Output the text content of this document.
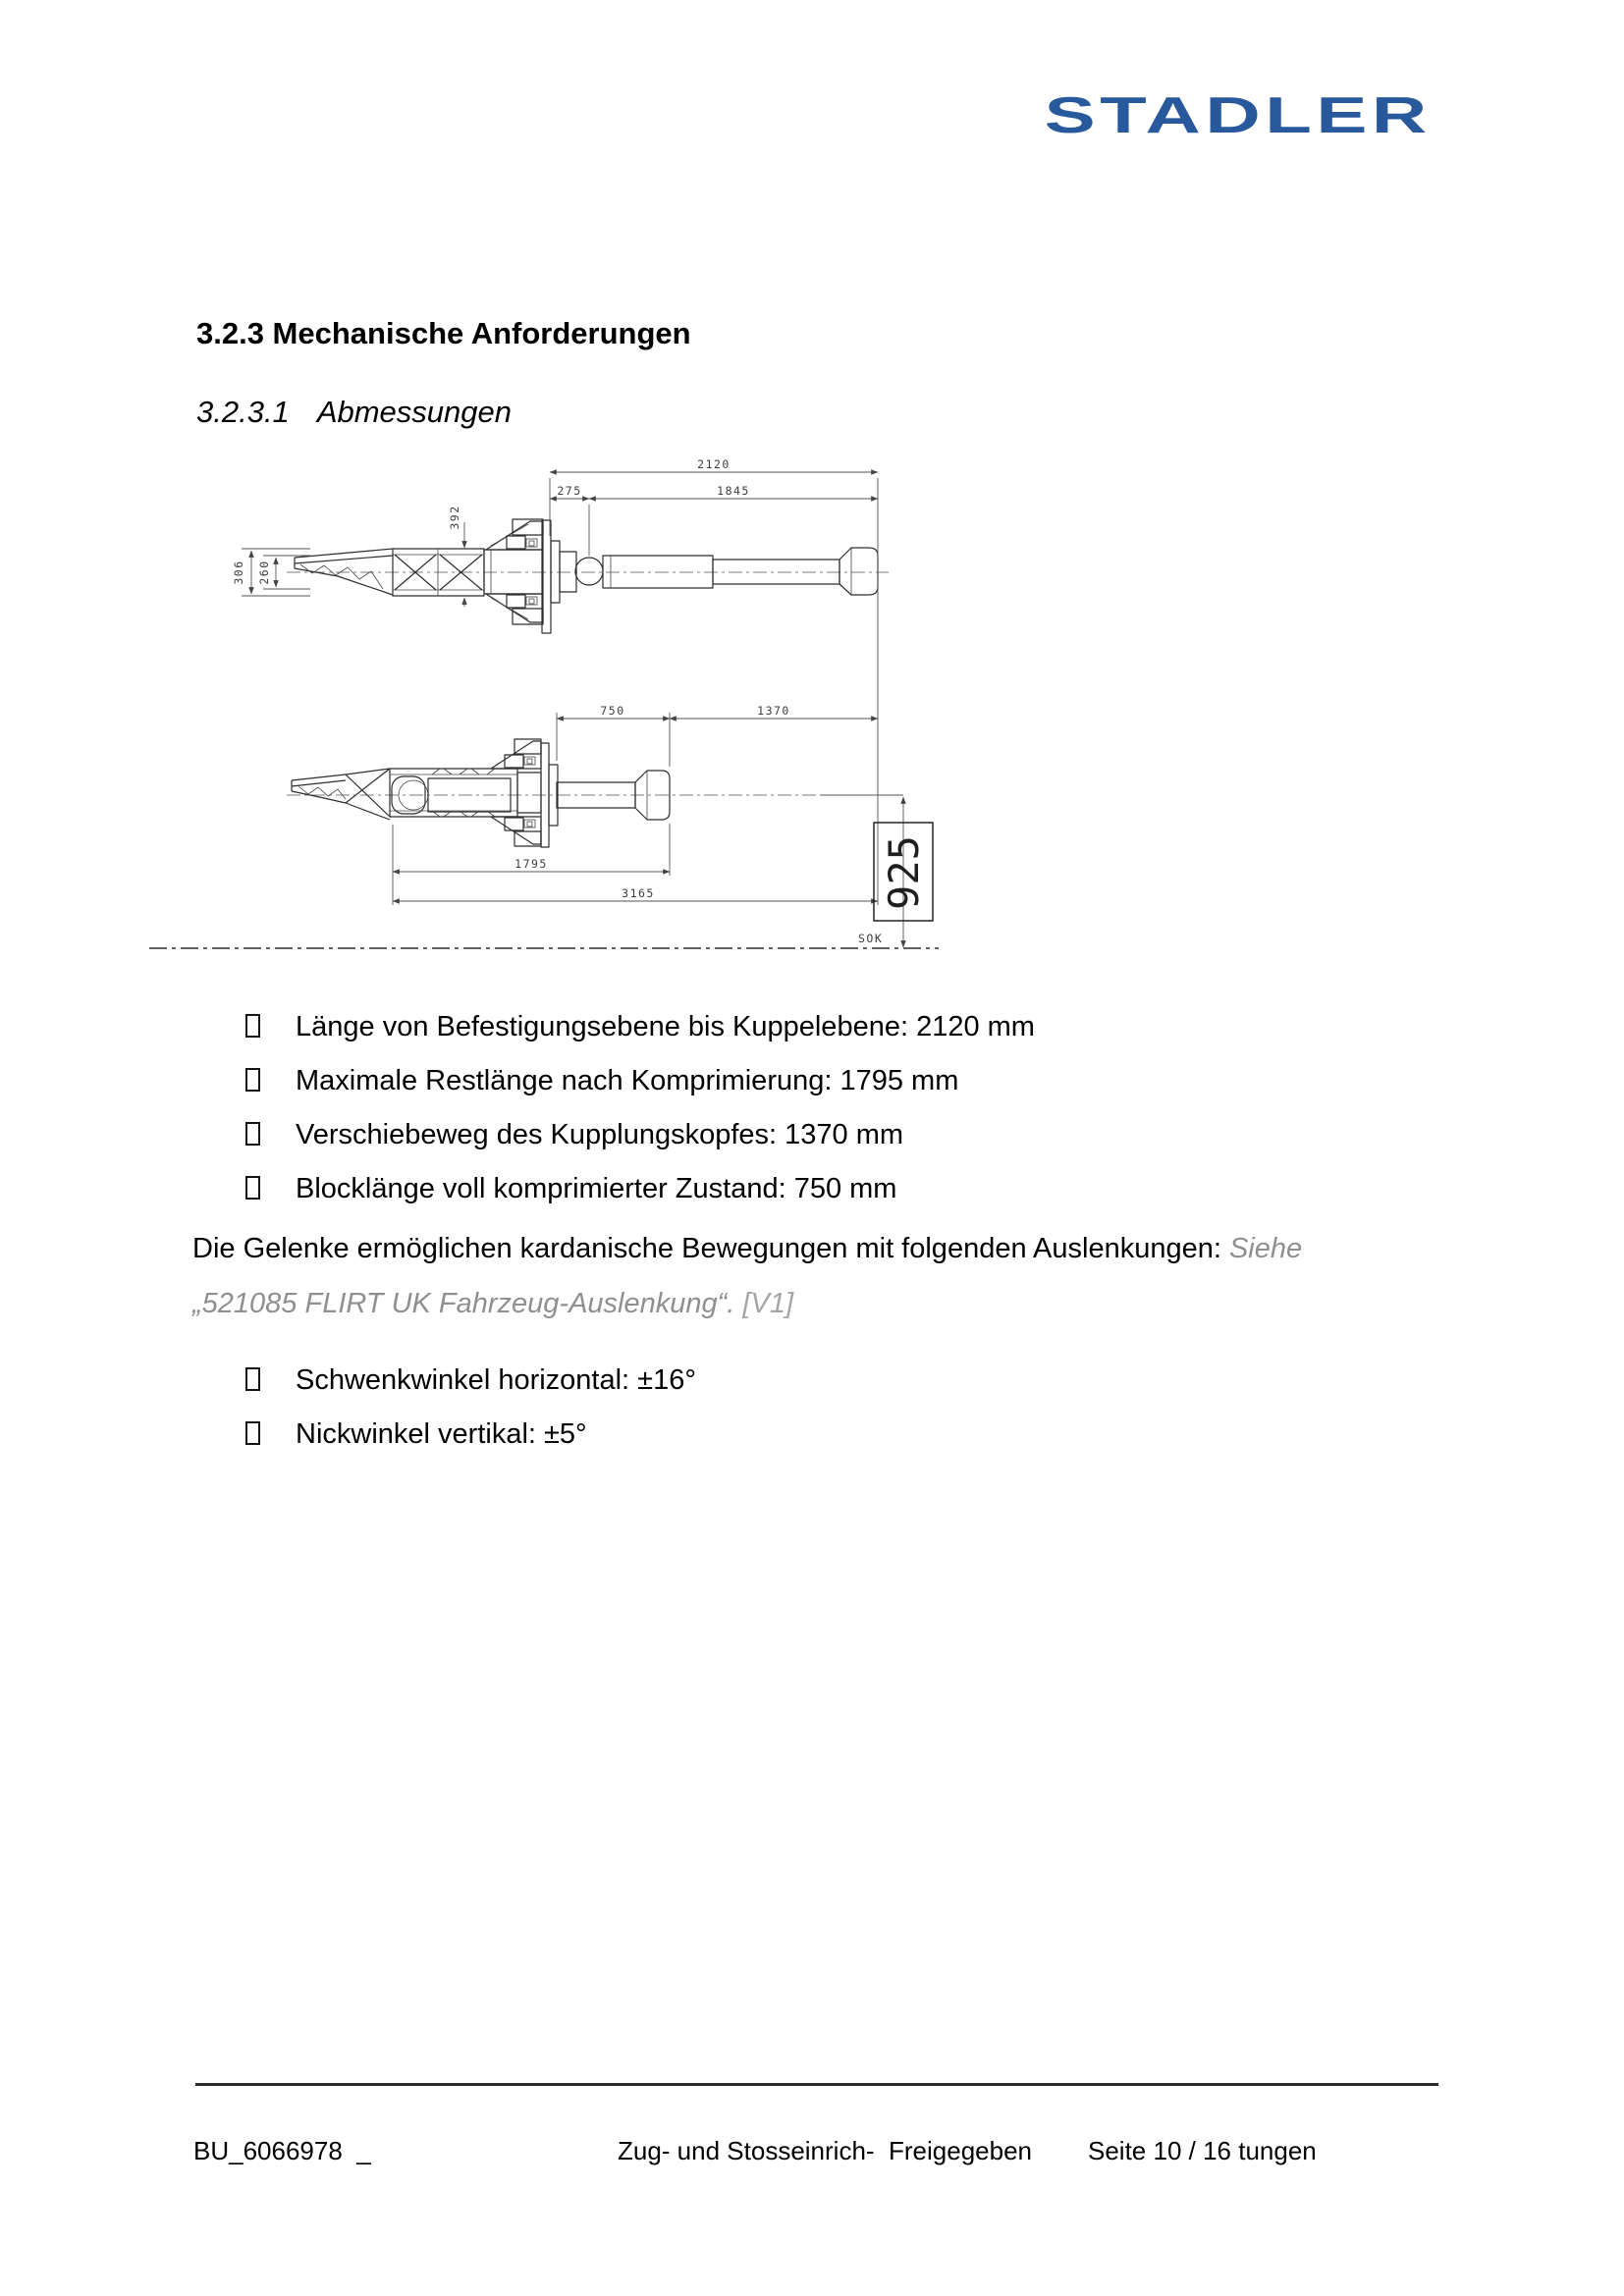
STADLER
3.2.3 Mechanische Anforderungen
3.2.3.1 Abmessungen
2120
275	1845
392
306 260
750	1370
1795
3165	925
SOK
Länge von Befestigungsebene bis Kuppelebene: 2120 mm
Maximale Restlänge nach Komprimierung: 1795 mm
Verschiebeweg des Kupplungskopfes: 1370 mm
Blocklänge voll komprimierter Zustand: 750 mm
Die Gelenke ermöglichen kardanische Bewegungen mit folgenden Auslenkungen: Siehe
„521085 FLIRT UK Fahrzeug-Auslenkung“. [V1]
Schwenkwinkel horizontal: ±16°
Nickwinkel vertikal: ±5°
BU_6066978  _	Zug- und Stosseinrich- Freigegeben Seite 10 / 16 tungen
